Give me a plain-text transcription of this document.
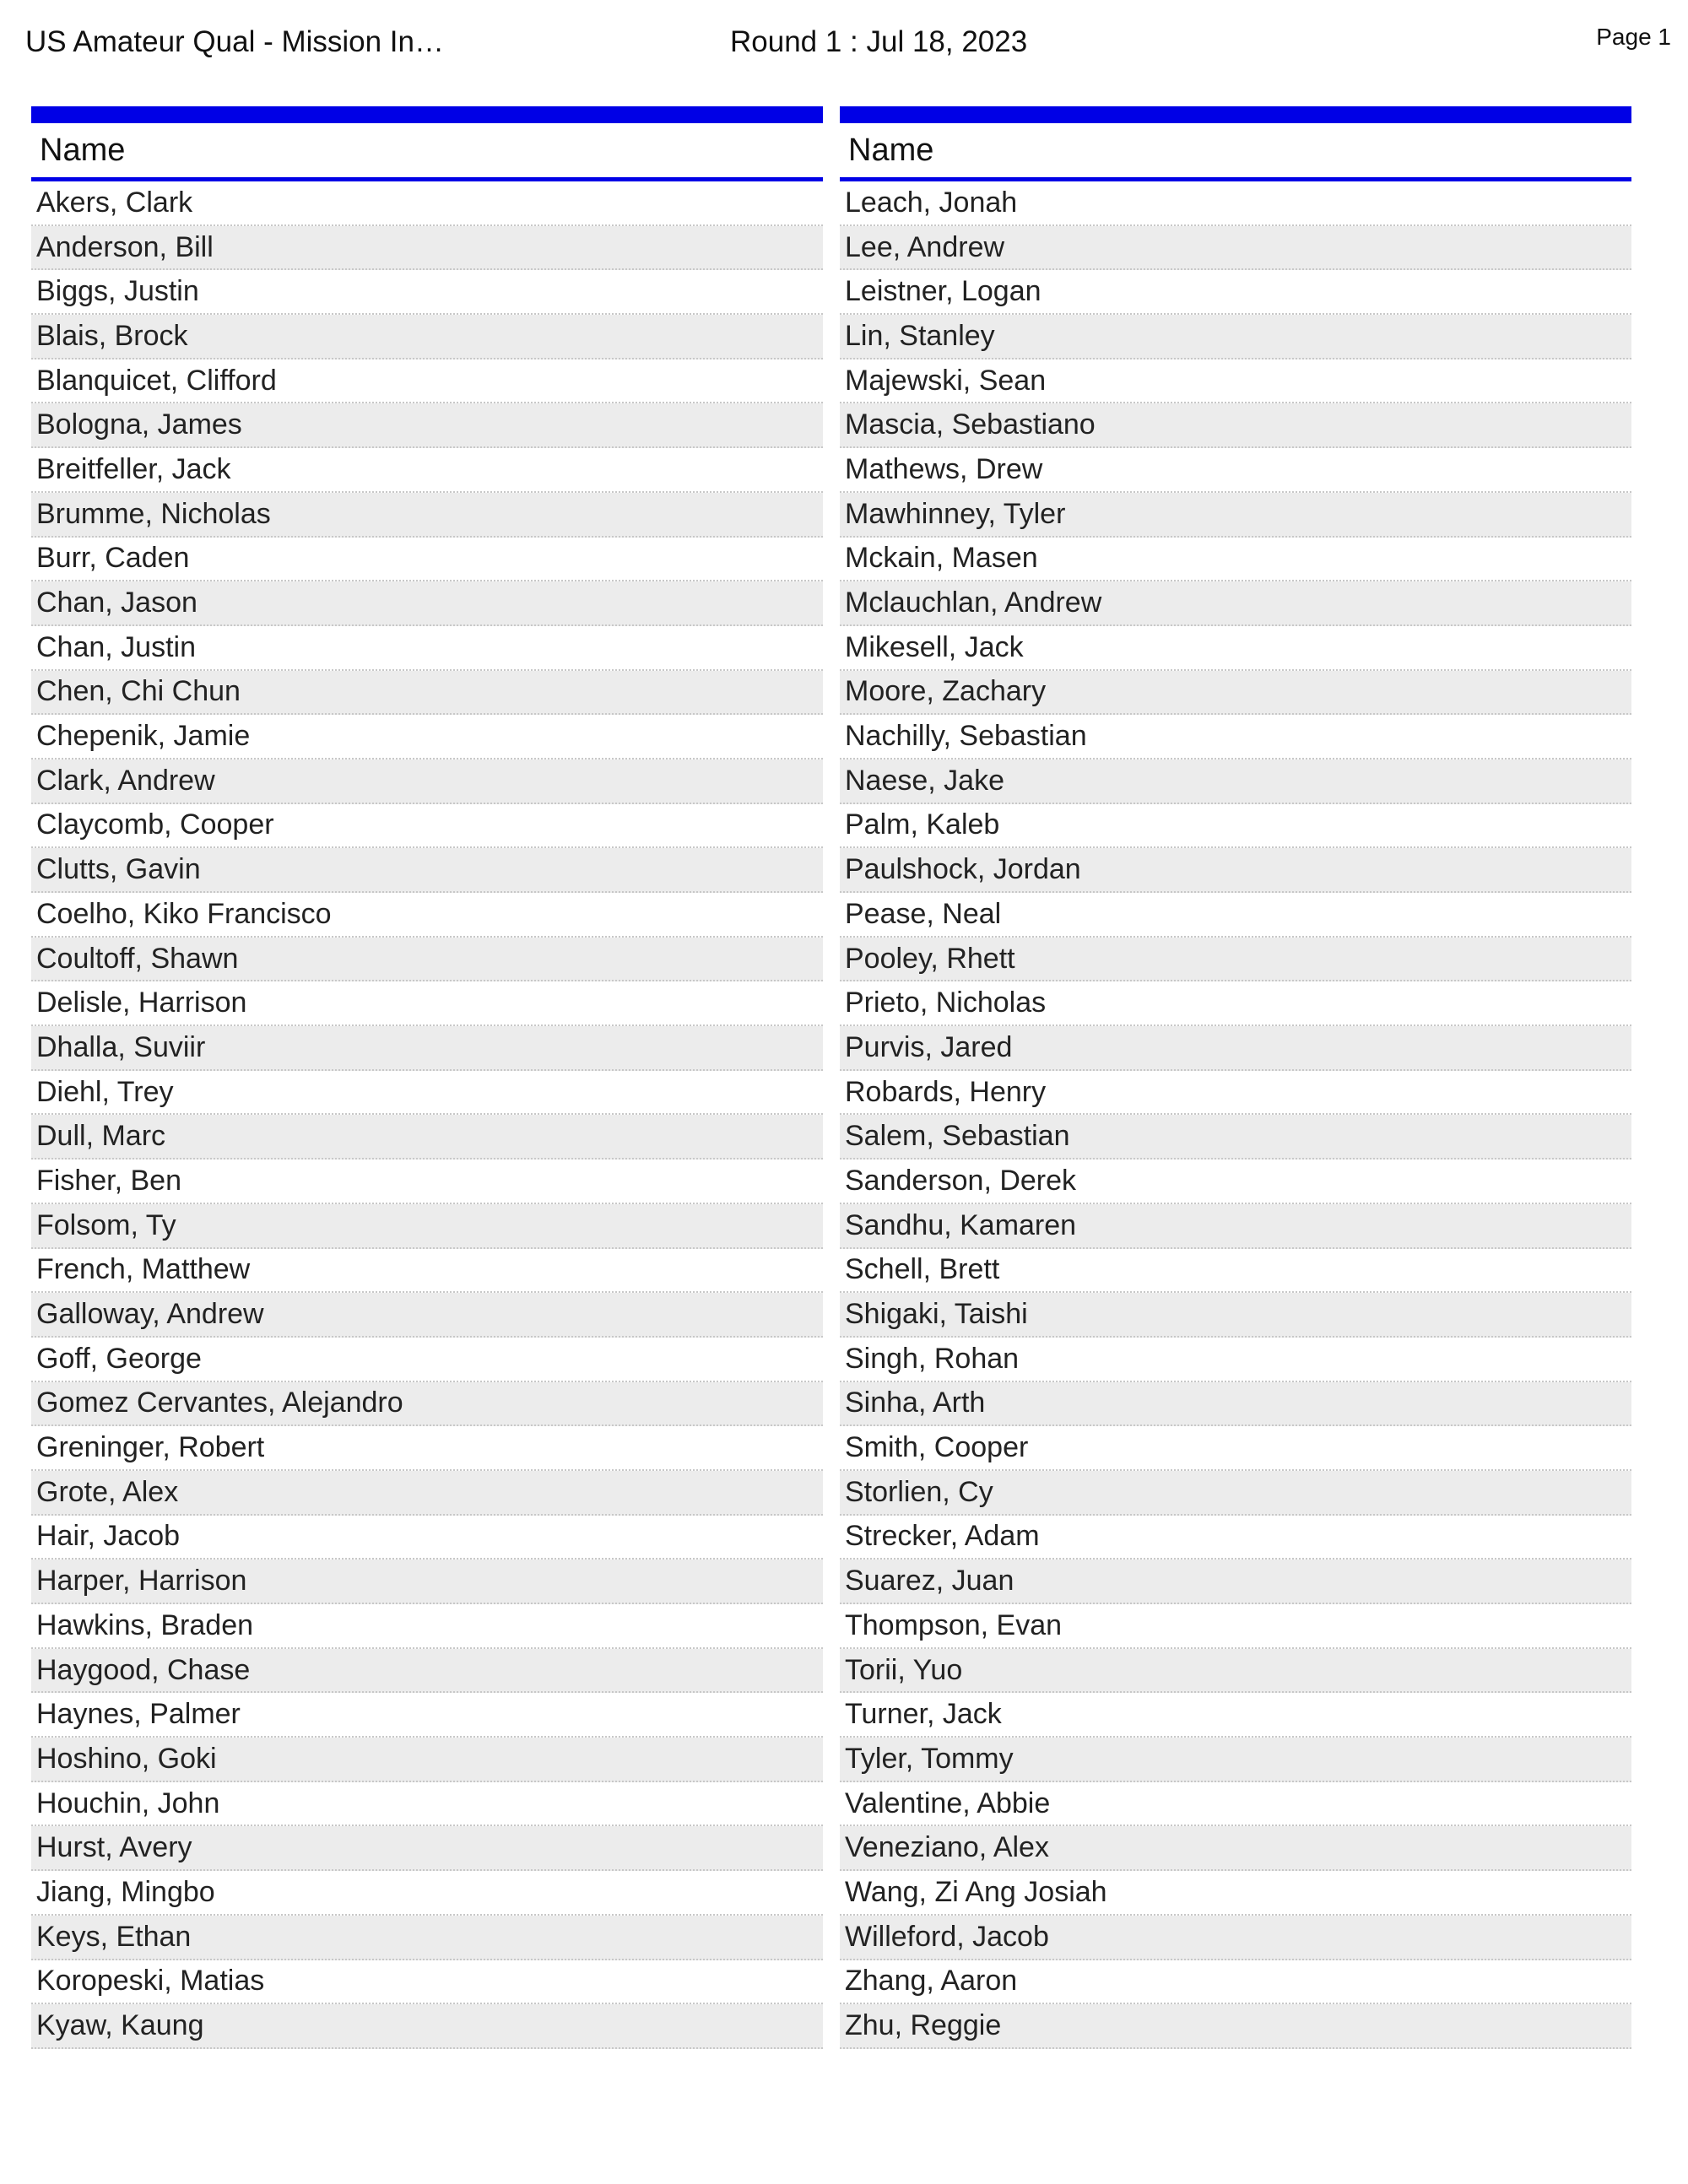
US Amateur Qual - Mission In…	Round 1 : Jul 18, 2023	Page 1
Name
Akers, Clark
Anderson, Bill
Biggs, Justin
Blais, Brock
Blanquicet, Clifford
Bologna, James
Breitfeller, Jack
Brumme, Nicholas
Burr, Caden
Chan, Jason
Chan, Justin
Chen, Chi Chun
Chepenik, Jamie
Clark, Andrew
Claycomb, Cooper
Clutts, Gavin
Coelho, Kiko Francisco
Coultoff, Shawn
Delisle, Harrison
Dhalla, Suviir
Diehl, Trey
Dull, Marc
Fisher, Ben
Folsom, Ty
French, Matthew
Galloway, Andrew
Goff, George
Gomez Cervantes, Alejandro
Greninger, Robert
Grote, Alex
Hair, Jacob
Harper, Harrison
Hawkins, Braden
Haygood, Chase
Haynes, Palmer
Hoshino, Goki
Houchin, John
Hurst, Avery
Jiang, Mingbo
Keys, Ethan
Koropeski, Matias
Kyaw, Kaung
Name
Leach, Jonah
Lee, Andrew
Leistner, Logan
Lin, Stanley
Majewski, Sean
Mascia, Sebastiano
Mathews, Drew
Mawhinney, Tyler
Mckain, Masen
Mclauchlan, Andrew
Mikesell, Jack
Moore, Zachary
Nachilly, Sebastian
Naese, Jake
Palm, Kaleb
Paulshock, Jordan
Pease, Neal
Pooley, Rhett
Prieto, Nicholas
Purvis, Jared
Robards, Henry
Salem, Sebastian
Sanderson, Derek
Sandhu, Kamaren
Schell, Brett
Shigaki, Taishi
Singh, Rohan
Sinha, Arth
Smith, Cooper
Storlien, Cy
Strecker, Adam
Suarez, Juan
Thompson, Evan
Torii, Yuo
Turner, Jack
Tyler, Tommy
Valentine, Abbie
Veneziano, Alex
Wang, Zi Ang Josiah
Willeford, Jacob
Zhang, Aaron
Zhu, Reggie
